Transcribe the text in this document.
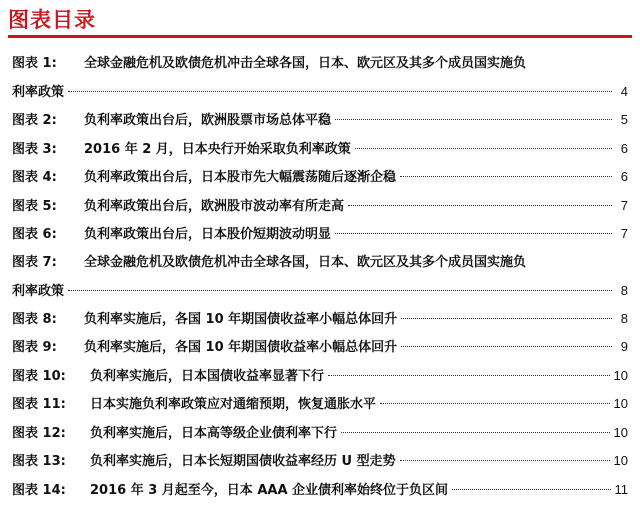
图表目录
图表 1:	全球金融危机及欧债危机冲击全球各国，日本、欧元区及其多个成员国实施负
利率政策	4
图表 2:	负利率政策出台后，欧洲股票市场总体平稳	5
图表 3:	2016 年 2 月，日本央行开始采取负利率政策	6
图表 4:	负利率政策出台后，日本股市先大幅震荡随后逐渐企稳	6
图表 5:	负利率政策出台后，欧洲股市波动率有所走高	7
图表 6:	负利率政策出台后，日本股价短期波动明显	7
图表 7:	全球金融危机及欧债危机冲击全球各国，日本、欧元区及其多个成员国实施负
利率政策	8
图表 8:	负利率实施后，各国 10 年期国债收益率小幅总体回升	8
图表 9:	负利率实施后，各国 10 年期国债收益率小幅总体回升	9
图表 10:	负利率实施后，日本国债收益率显著下行	10
图表 11:	日本实施负利率政策应对通缩预期，恢复通胀水平	10
图表 12:	负利率实施后，日本高等级企业债利率下行	10
图表 13:	负利率实施后，日本长短期国债收益率经历 U 型走势	10
图表 14:	2016 年 3 月起至今，日本 AAA 企业债利率始终位于负区间	11
